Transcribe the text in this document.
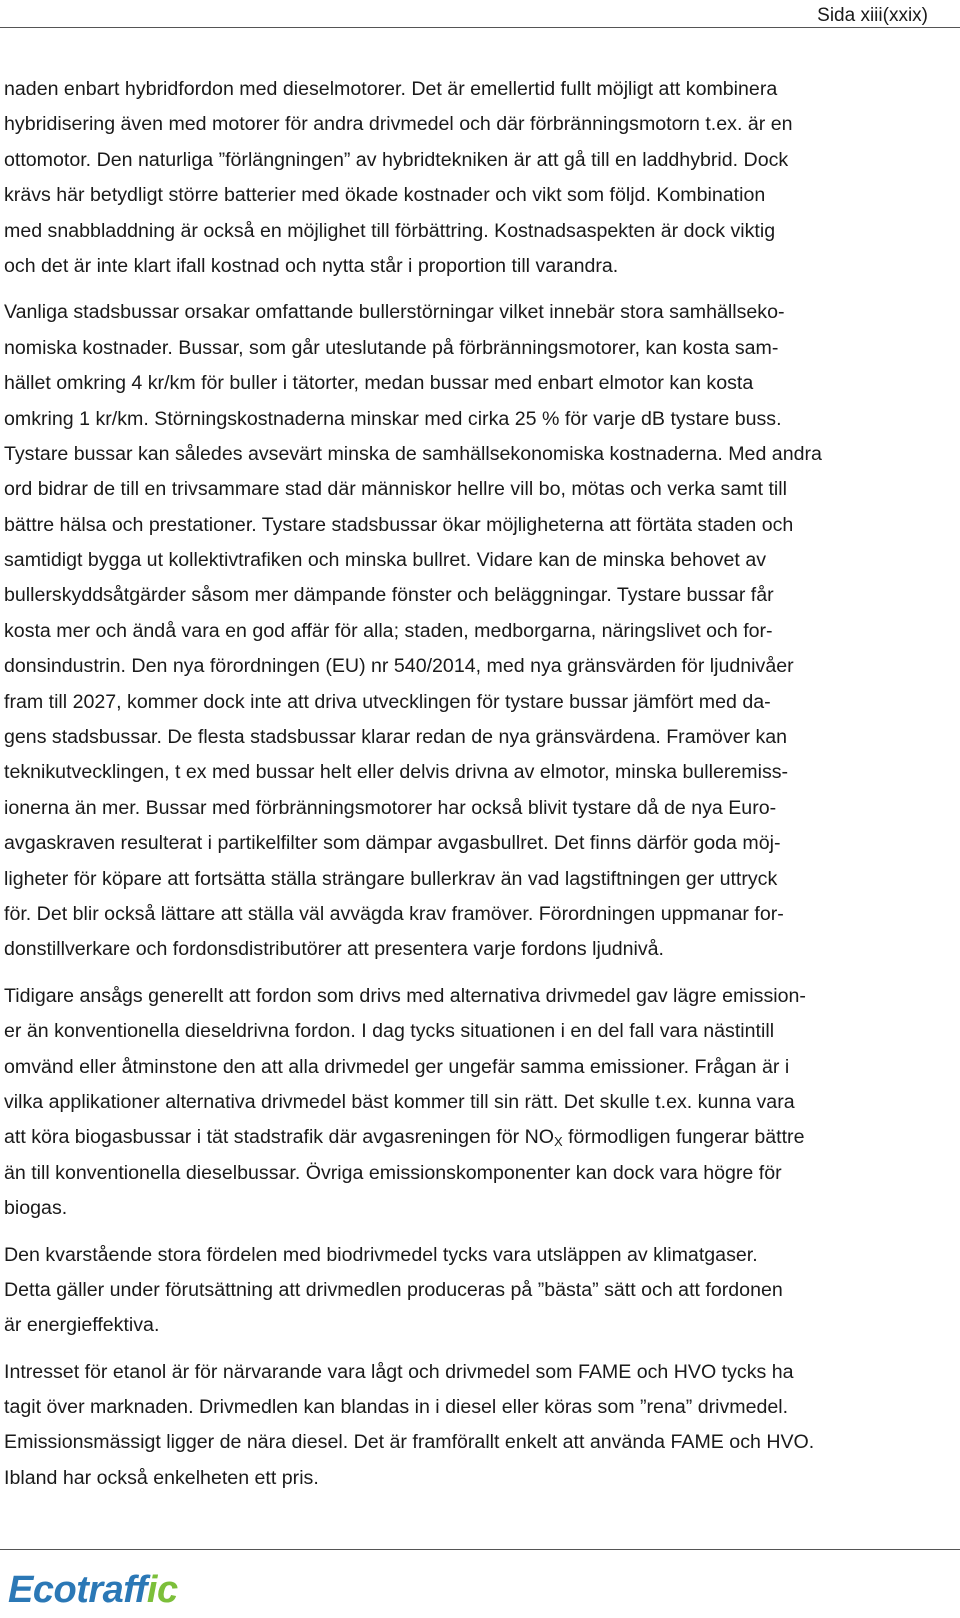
Sida xiii(xxix)

naden enbart hybridfordon med dieselmotorer. Det är emellertid fullt möjligt att kombinera
hybridisering även med motorer för andra drivmedel och där förbränningsmotorn t.ex. är en
ottomotor. Den naturliga ”förlängningen” av hybridtekniken är att gå till en laddhybrid. Dock
krävs här betydligt större batterier med ökade kostnader och vikt som följd. Kombination
med snabbladdning är också en möjlighet till förbättring. Kostnadsaspekten är dock viktig
och det är inte klart ifall kostnad och nytta står i proportion till varandra.

Vanliga stadsbussar orsakar omfattande bullerstörningar vilket innebär stora samhällseko-
nomiska kostnader. Bussar, som går uteslutande på förbränningsmotorer, kan kosta sam-
hället omkring 4 kr/km för buller i tätorter, medan bussar med enbart elmotor kan kosta
omkring 1 kr/km. Störningskostnaderna minskar med cirka 25 % för varje dB tystare buss.
Tystare bussar kan således avsevärt minska de samhällsekonomiska kostnaderna. Med andra
ord bidrar de till en trivsammare stad där människor hellre vill bo, mötas och verka samt till
bättre hälsa och prestationer. Tystare stadsbussar ökar möjligheterna att förtäta staden och
samtidigt bygga ut kollektivtrafiken och minska bullret. Vidare kan de minska behovet av
bullerskyddsåtgärder såsom mer dämpande fönster och beläggningar. Tystare bussar får
kosta mer och ändå vara en god affär för alla; staden, medborgarna, näringslivet och for-
donsindustrin. Den nya förordningen (EU) nr 540/2014, med nya gränsvärden för ljudnivåer
fram till 2027, kommer dock inte att driva utvecklingen för tystare bussar jämfört med da-
gens stadsbussar. De flesta stadsbussar klarar redan de nya gränsvärdena. Framöver kan
teknikutvecklingen, t ex med bussar helt eller delvis drivna av elmotor, minska bulleremiss-
ionerna än mer. Bussar med förbränningsmotorer har också blivit tystare då de nya Euro-
avgaskraven resulterat i partikelfilter som dämpar avgasbullret. Det finns därför goda möj-
ligheter för köpare att fortsätta ställa strängare bullerkrav än vad lagstiftningen ger uttryck
för. Det blir också lättare att ställa väl avvägda krav framöver. Förordningen uppmanar for-
donstillverkare och fordonsdistributörer att presentera varje fordons ljudnivå.

Tidigare ansågs generellt att fordon som drivs med alternativa drivmedel gav lägre emission-
er än konventionella dieseldrivna fordon. I dag tycks situationen i en del fall vara nästintill
omvänd eller åtminstone den att alla drivmedel ger ungefär samma emissioner. Frågan är i
vilka applikationer alternativa drivmedel bäst kommer till sin rätt. Det skulle t.ex. kunna vara
att köra biogasbussar i tät stadstrafik där avgasreningen för $NO_X$ förmodligen fungerar bättre
än till konventionella dieselbussar. Övriga emissionskomponenter kan dock vara högre för
biogas.

Den kvarstående stora fördelen med biodrivmedel tycks vara utsläppen av klimatgaser.
Detta gäller under förutsättning att drivmedlen produceras på ”bästa” sätt och att fordonen
är energieffektiva.

Intresset för etanol är för närvarande vara lågt och drivmedel som FAME och HVO tycks ha
tagit över marknaden. Drivmedlen kan blandas in i diesel eller köras som ”rena” drivmedel.
Emissionsmässigt ligger de nära diesel. Det är framförallt enkelt att använda FAME och HVO.
Ibland har också enkelheten ett pris.

Ecotraffic
